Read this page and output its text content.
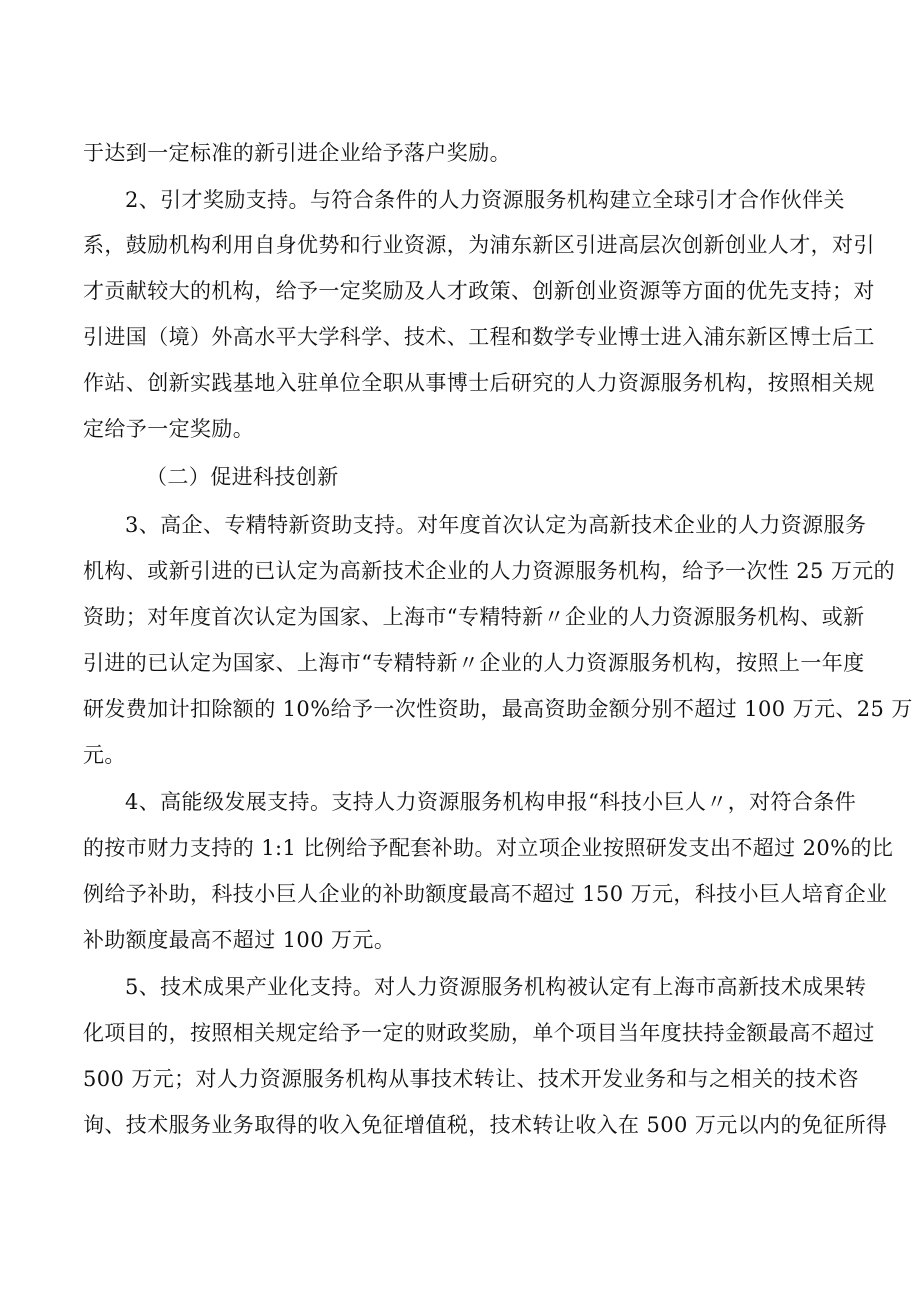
于达到一定标准的新引进企业给予落户奖励。
2、引才奖励支持。与符合条件的人力资源服务机构建立全球引才合作伙伴关
系，鼓励机构利用自身优势和行业资源，为浦东新区引进高层次创新创业人才，对引
才贡献较大的机构，给予一定奖励及人才政策、创新创业资源等方面的优先支持；对
引进国（境）外高水平大学科学、技术、工程和数学专业博士进入浦东新区博士后工
作站、创新实践基地入驻单位全职从事博士后研究的人力资源服务机构，按照相关规
定给予一定奖励。
（二）促进科技创新
3、高企、专精特新资助支持。对年度首次认定为高新技术企业的人力资源服务
机构、或新引进的已认定为高新技术企业的人力资源服务机构，给予一次性 25 万元的
资助；对年度首次认定为国家、上海市“专精特新〃企业的人力资源服务机构、或新
引进的已认定为国家、上海市“专精特新〃企业的人力资源服务机构，按照上一年度
研发费加计扣除额的 10%给予一次性资助，最高资助金额分别不超过 100 万元、25 万
元。
4、高能级发展支持。支持人力资源服务机构申报“科技小巨人〃，对符合条件
的按市财力支持的 1:1 比例给予配套补助。对立项企业按照研发支出不超过 20%的比
例给予补助，科技小巨人企业的补助额度最高不超过 150 万元，科技小巨人培育企业
补助额度最高不超过 100 万元。
5、技术成果产业化支持。对人力资源服务机构被认定有上海市高新技术成果转
化项目的，按照相关规定给予一定的财政奖励，单个项目当年度扶持金额最高不超过
500 万元；对人力资源服务机构从事技术转让、技术开发业务和与之相关的技术咨
询、技术服务业务取得的收入免征增值税，技术转让收入在 500 万元以内的免征所得
